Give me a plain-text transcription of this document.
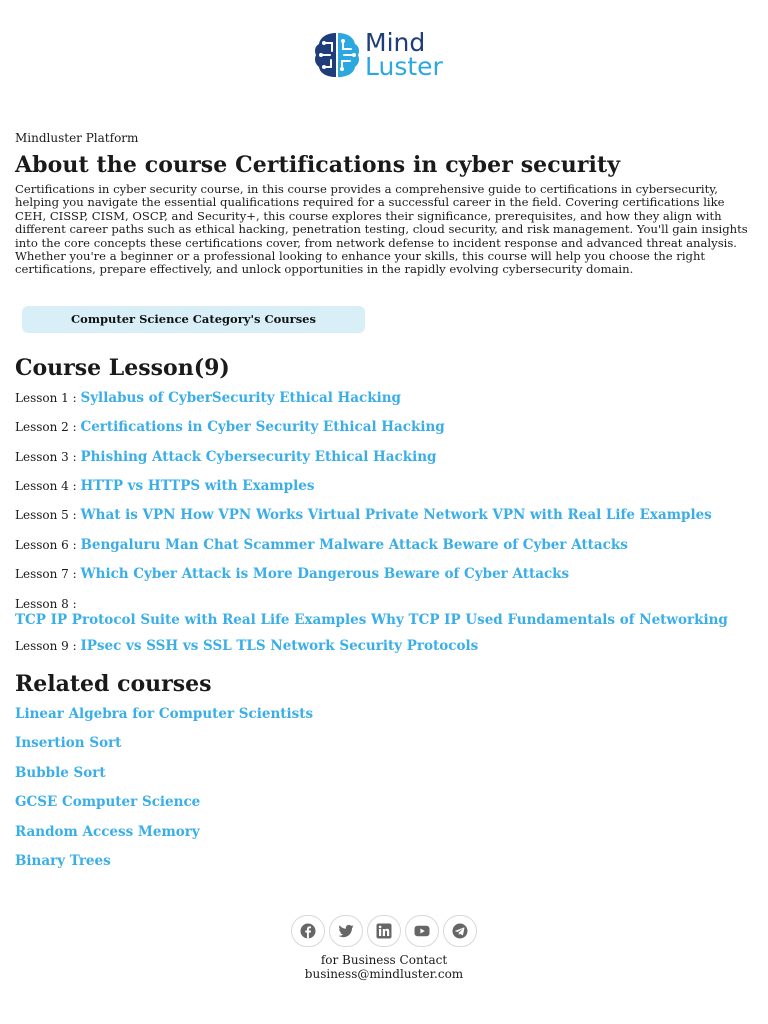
Mind
Luster

Mindluster Platform

About the course Certifications in cyber security

Certifications in cyber security course, in this course provides a comprehensive guide to certifications in cybersecurity, helping you navigate the essential qualifications required for a successful career in the field. Covering certifications like CEH, CISSP, CISM, OSCP, and Security+, this course explores their significance, prerequisites, and how they align with different career paths such as ethical hacking, penetration testing, cloud security, and risk management. You'll gain insights into the core concepts these certifications cover, from network defense to incident response and advanced threat analysis. Whether you're a beginner or a professional looking to enhance your skills, this course will help you choose the right certifications, prepare effectively, and unlock opportunities in the rapidly evolving cybersecurity domain.

Computer Science Category's Courses
Course Lesson(9)
Lesson 1 : Syllabus of CyberSecurity Ethical Hacking
Lesson 2 : Certifications in Cyber Security Ethical Hacking
Lesson 3 : Phishing Attack Cybersecurity Ethical Hacking
Lesson 4 : HTTP vs HTTPS with Examples
Lesson 5 : What is VPN How VPN Works Virtual Private Network VPN with Real Life Examples
Lesson 6 : Bengaluru Man Chat Scammer Malware Attack Beware of Cyber Attacks
Lesson 7 : Which Cyber Attack is More Dangerous Beware of Cyber Attacks
Lesson 8 :
TCP IP Protocol Suite with Real Life Examples Why TCP IP Used Fundamentals of Networking
Lesson 9 : IPsec vs SSH vs SSL TLS Network Security Protocols
Related courses
Linear Algebra for Computer Scientists
Insertion Sort
Bubble Sort
GCSE Computer Science
Random Access Memory
Binary Trees
for Business Contact
business@mindluster.com
